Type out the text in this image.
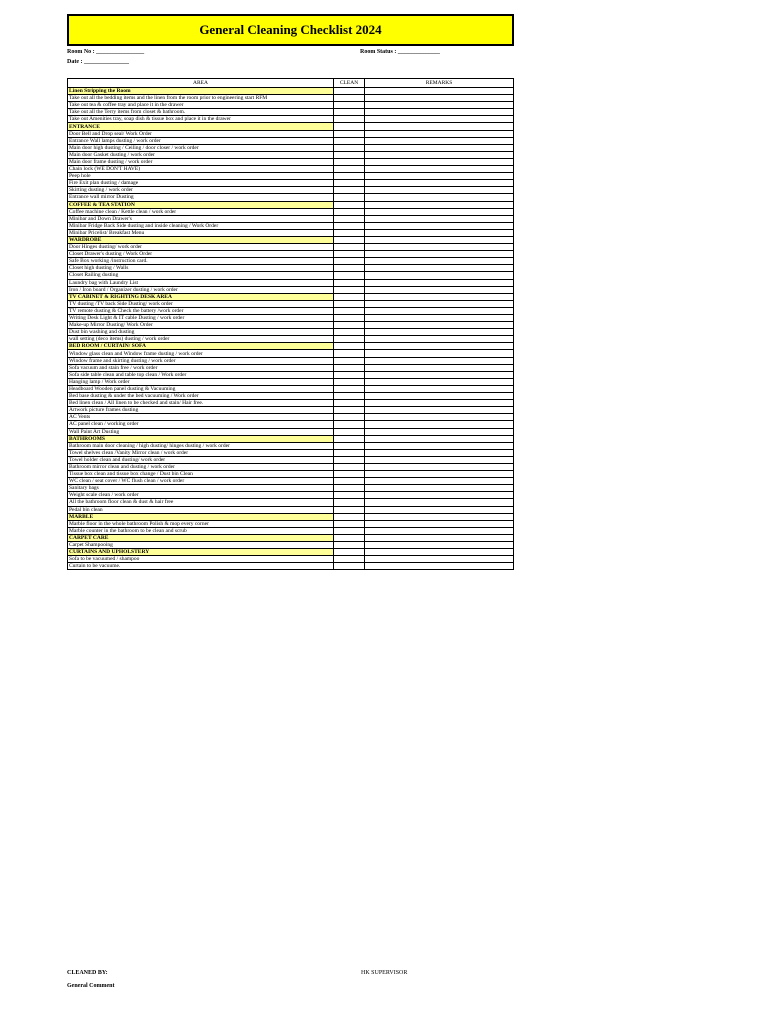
General Cleaning Checklist 2024
Room No : ________________	Room Status : ______________
Date : _______________
AREA	CLEAN	REMARKS
Linen Stripping the Room		
Take out all the bedding items and the linen from the room prior to engineering start RFM		
Take out tea & coffee tray and place it in the drawer		
Take out all the Terry items from closet & bathroom.		
Take out Amenities tray, soap dish & tissue box and place it in the drawer		
ENTRANCE		
Door Bell and Drop seal/ Work Order		
Entrance Wall lamps dusting / work order		
Main door high dusting / Ceiling / door closer / work order		
Main door Gasket dusting / work order		
Main door frame dusting / work order		
Chain lock (WE DON'T HAVE)		
Peep hole		
Fire Exit plan dusting / damage		
Skirting dusting / work order		
Entrance wall mirror Dusting		
COFFEE & TEA STATION		
Coffee machine clean / Kettle clean / work order		
Minibar and Down Drawer's		
Minibar Fridge Back Side dusting and inside cleaning / Work Order		
Minibar Pricelist/ Breakfast Menu		
WARDROBE		
Door Hinges dusting/ work order		
Closet Drawer's dusting / Work Order		
Safe Box working /instruction card.		
Closet high dusting / Walls		
Closet Railing dusting		
Laundry bag with Laundry List		
Iron / Iron board / Organizer dusting / work order		
TV CABINET & RIGHTING DESK AREA		
TV dusting /TV back Side Dusting/ work order		
TV remote dusting & Check the battery /work order		
Writing Desk Light & IT cable Dusting / work order		
Make-up Mirror Dusting/ Work Order		
Dust bin washing and dusting		
wall setting (deco items) dusting / work order		
BED ROOM / CURTAIN/ SOFA		
Window glass clean and Window frame dusting / work order		
Window frame and skirting dusting / work order		
Sofa vacuum and stain free / work order		
Sofa side table clean and table top clean / Work order		
Hanging lamp / Work order		
Headboard Wooden panel dusting & Vacuuming		
Bed base dusting & under the bed vacuuming / Work order		
Bed linen clean / All linen to be checked and stain/ Hair free.		
Artwork picture frames dusting		
AC Vents		
AC panel clean / working order		
Wall Paint Art Dusting		
BATHROOMS		
Bathroom main door cleaning / high dusting/ hinges dusting / work order		
Towel shelves clean /Vanity Mirror clean / work order		
Towel holder clean and dusting/ work order		
Bathroom mirror clean and dusting / work order		
Tissue box clean and tissue box change / Dust bin Clean		
WC clean / seat cover / WC flush clean / work order		
Sanitary bags		
Weight scale clean / work order		
All the bathroom floor clean & dust & hair free		
Pedal bin clean		
MARBLE		
Marble floor in the whole bathroom Polish & mop every corner		
Marble counter in the bathroom to be clean and scrub		
CARPET CARE		
Carpet Shampooing		
CURTAINS AND UPHOLSTERY		
Sofa to be vacuumed / shampoo		
Curtain to be vacuume.		
CLEANED BY:	HK SUPERVISOR
General Comment
